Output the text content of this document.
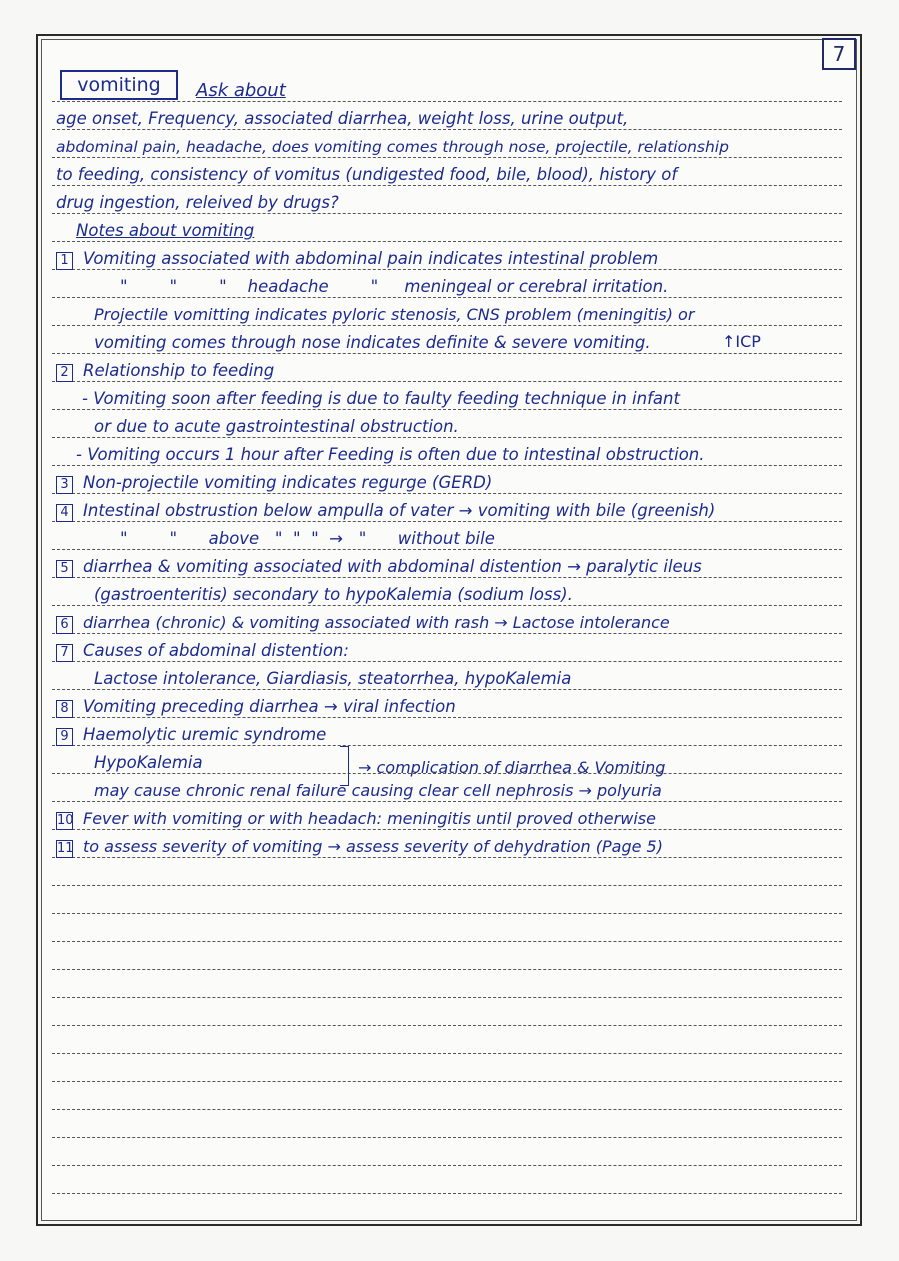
7
vomiting	Ask about
age onset, Frequency, associated diarrhea, weight loss, urine output,
abdominal pain, headache, does vomiting comes through nose, projectile, relationship
to feeding, consistency of vomitus (undigested food, bile, blood), history of
drug ingestion, releived by drugs?
Notes about vomiting
1 Vomiting associated with abdominal pain indicates intestinal problem
"        "        "    headache        "     meningeal or cerebral irritation.
Projectile vomitting indicates pyloric stenosis, CNS problem (meningitis) or
vomiting comes through nose indicates definite & severe vomiting.	↑ICP
2 Relationship to feeding
- Vomiting soon after feeding is due to faulty feeding technique in infant
or due to acute gastrointestinal obstruction.
- Vomiting occurs 1 hour after Feeding is often due to intestinal obstruction.
3 Non-projectile vomiting indicates regurge (GERD)
4 Intestinal obstrustion below ampulla of vater → vomiting with bile (greenish)
"        "      above   "  "  "  →   "      without bile
5 diarrhea & vomiting associated with abdominal distention → paralytic ileus
(gastroenteritis) secondary to hypoKalemia (sodium loss).
6 diarrhea (chronic) & vomiting associated with rash → Lactose intolerance
7 Causes of abdominal distention:
Lactose intolerance, Giardiasis, steatorrhea, hypoKalemia
8 Vomiting preceding diarrhea → viral infection
9 Haemolytic uremic syndrome
HypoKalemia	→ complication of diarrhea & Vomiting
may cause chronic renal failure causing clear cell nephrosis → polyuria
10 Fever with vomiting or with headach: meningitis until proved otherwise
11 to assess severity of vomiting → assess severity of dehydration (Page 5)
